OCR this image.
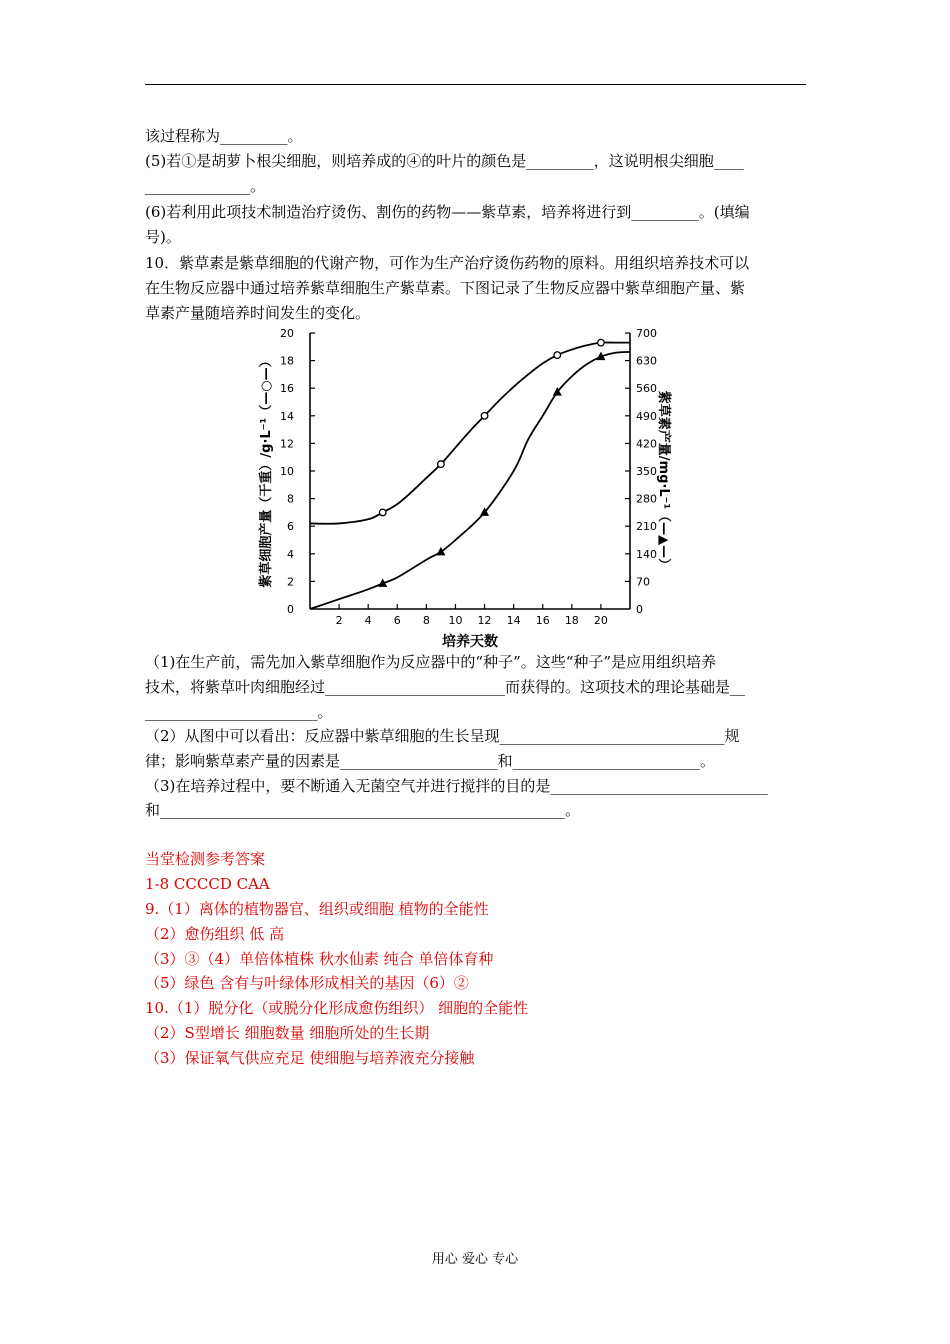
该过程称为_________。
(5)若①是胡萝卜根尖细胞，则培养成的④的叶片的颜色是_________，这说明根尖细胞____
______________。
(6)若利用此项技术制造治疗烫伤、割伤的药物——紫草素，培养将进行到_________。(填编
号)。
10．紫草素是紫草细胞的代谢产物，可作为生产治疗烫伤药物的原料。用组织培养技术可以
在生物反应器中通过培养紫草细胞生产紫草素。下图记录了生物反应器中紫草细胞产量、紫
草素产量随培养时间发生的变化。
0
2
4
6
8
10
12
14
16
18
20
0
70
140
210
280
350
420
490
560
630
700
2 4 6 8 10 12 14 16 18 20
培养天数
紫草细胞产量（干重）/g·L⁻¹（—○—）	紫草素产量/mg·L⁻¹（—▲—）
（1)在生产前，需先加入紫草细胞作为反应器中的“种子”。这些“种子”是应用组织培养
技术，将紫草叶肉细胞经过________________________而获得的。这项技术的理论基础是__
_______________________。
（2）从图中可以看出：反应器中紫草细胞的生长呈现______________________________规
律；影响紫草素产量的因素是_____________________和_________________________。
（3)在培养过程中，要不断通入无菌空气并进行搅拌的目的是_____________________________
和______________________________________________________。
当堂检测参考答案
1-8 CCCCD CAA
9.（1）离体的植物器官、组织或细胞 植物的全能性
（2）愈伤组织 低 高
（3）③（4）单倍体植株 秋水仙素 纯合 单倍体育种
（5）绿色 含有与叶绿体形成相关的基因（6）②
10.（1）脱分化（或脱分化形成愈伤组织） 细胞的全能性
（2）S型增长 细胞数量 细胞所处的生长期
（3）保证氧气供应充足 使细胞与培养液充分接触
用心 爱心 专心
